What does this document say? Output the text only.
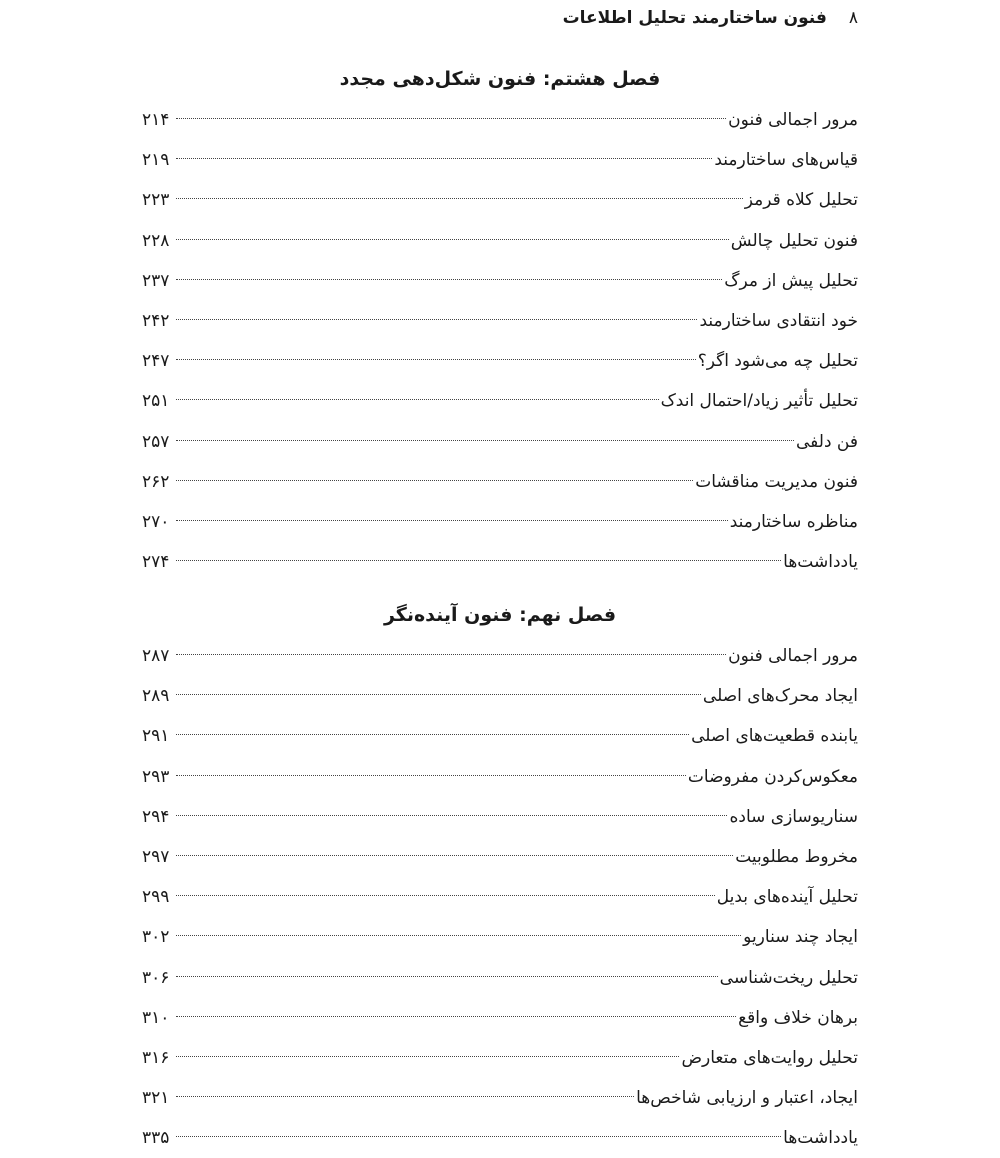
۸
فنون ساختارمند تحلیل اطلاعات
فصل هشتم: فنون شکل‌دهی مجدد
مرور اجمالی فنون
۲۱۴
قیاس‌های ساختارمند
۲۱۹
تحلیل کلاه قرمز
۲۲۳
فنون تحلیل چالش
۲۲۸
تحلیل پیش از مرگ
۲۳۷
خود انتقادی ساختارمند
۲۴۲
تحلیل چه می‌شود اگر؟
۲۴۷
تحلیل تأثیر زیاد/احتمال اندک
۲۵۱
فن دلفی
۲۵۷
فنون مدیریت مناقشات
۲۶۲
مناظره ساختارمند
۲۷۰
یادداشت‌ها
۲۷۴
فصل نهم: فنون آینده‌نگر
مرور اجمالی فنون
۲۸۷
ایجاد محرک‌های اصلی
۲۸۹
یابنده قطعیت‌های اصلی
۲۹۱
معکوس‌کردن مفروضات
۲۹۳
سناریوسازی ساده
۲۹۴
مخروط مطلوبیت
۲۹۷
تحلیل آینده‌های بدیل
۲۹۹
ایجاد چند سناریو
۳۰۲
تحلیل ریخت‌شناسی
۳۰۶
برهان خلاف واقع
۳۱۰
تحلیل روایت‌های متعارض
۳۱۶
ایجاد، اعتبار و ارزیابی شاخص‌ها
۳۲۱
یادداشت‌ها
۳۳۵
